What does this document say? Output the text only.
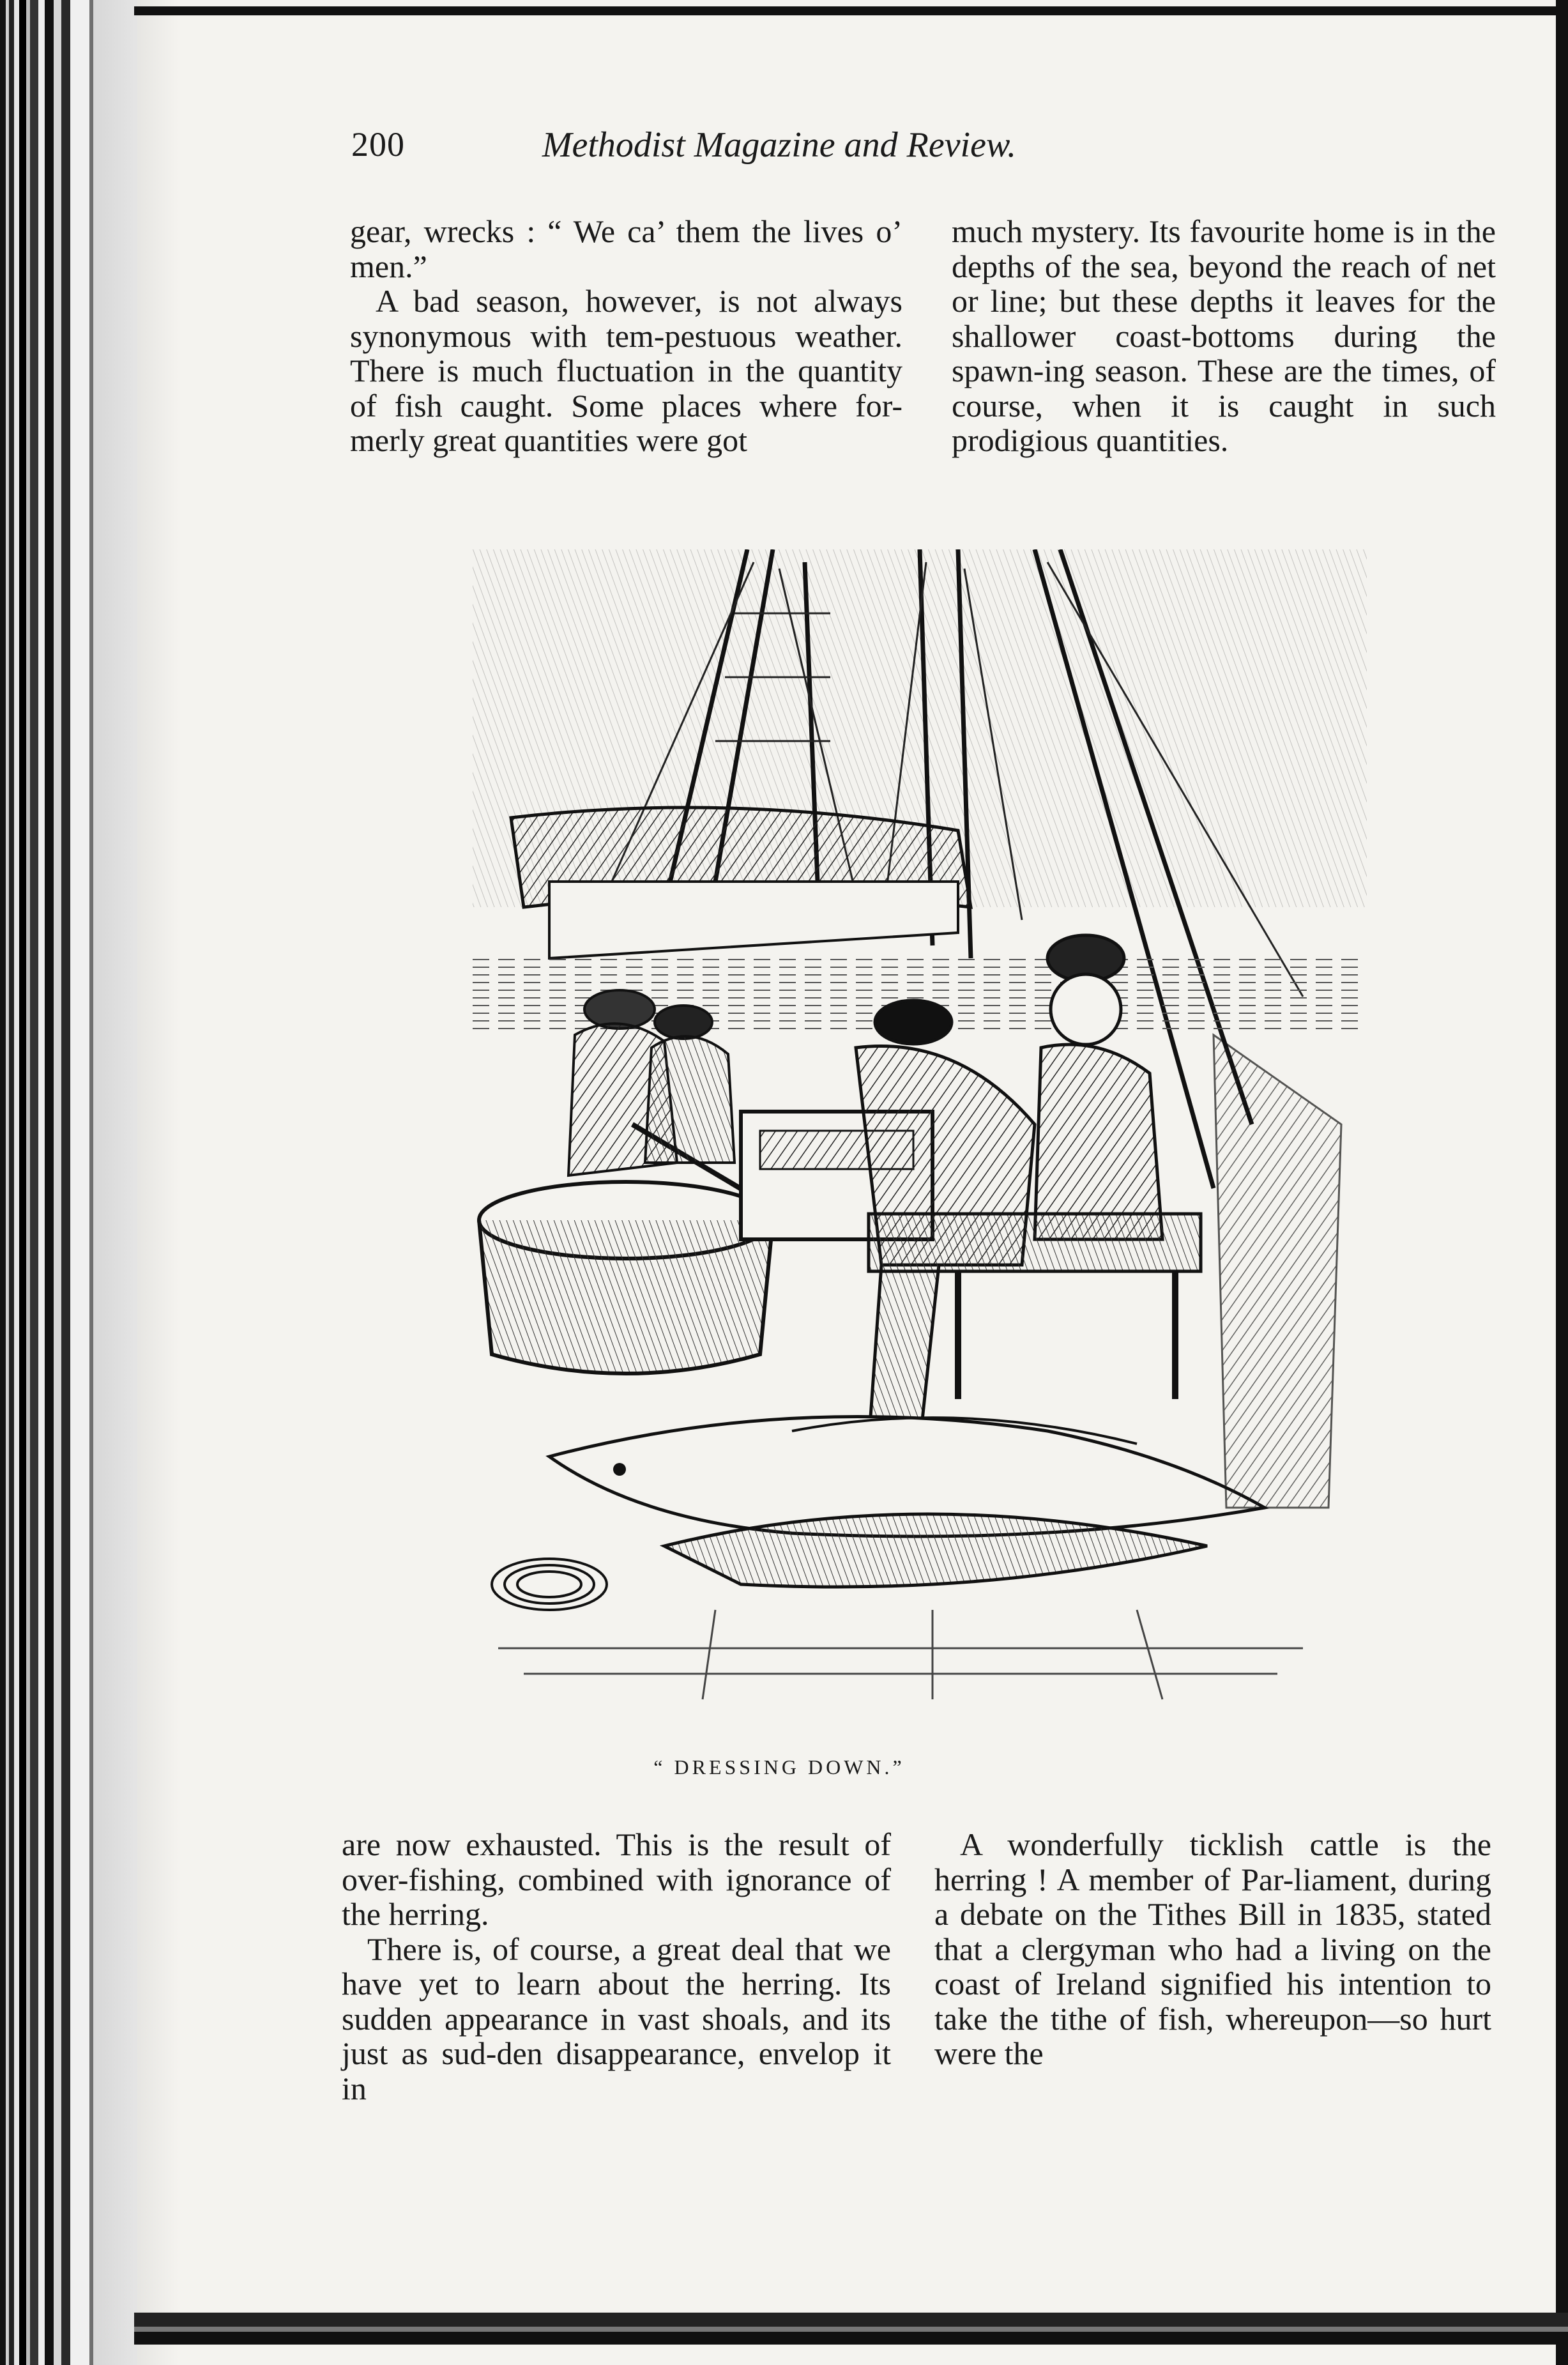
200	Methodist Magazine and Review.

gear, wrecks : “ We ca’ them the lives o’ men.”

A bad season, however, is not always synonymous with tem-pestuous weather. There is much fluctuation in the quantity of fish caught. Some places where for-merly great quantities were got

much mystery. Its favourite home is in the depths of the sea, beyond the reach of net or line; but these depths it leaves for the shallower coast-bottoms during the spawn-ing season. These are the times, of course, when it is caught in such prodigious quantities.

“ DRESSING DOWN.”

are now exhausted. This is the result of over-fishing, combined with ignorance of the herring.

There is, of course, a great deal that we have yet to learn about the herring. Its sudden appearance in vast shoals, and its just as sud-den disappearance, envelop it in

A wonderfully ticklish cattle is the herring ! A member of Par-liament, during a debate on the Tithes Bill in 1835, stated that a clergyman who had a living on the coast of Ireland signified his intention to take the tithe of fish, whereupon—so hurt were the
